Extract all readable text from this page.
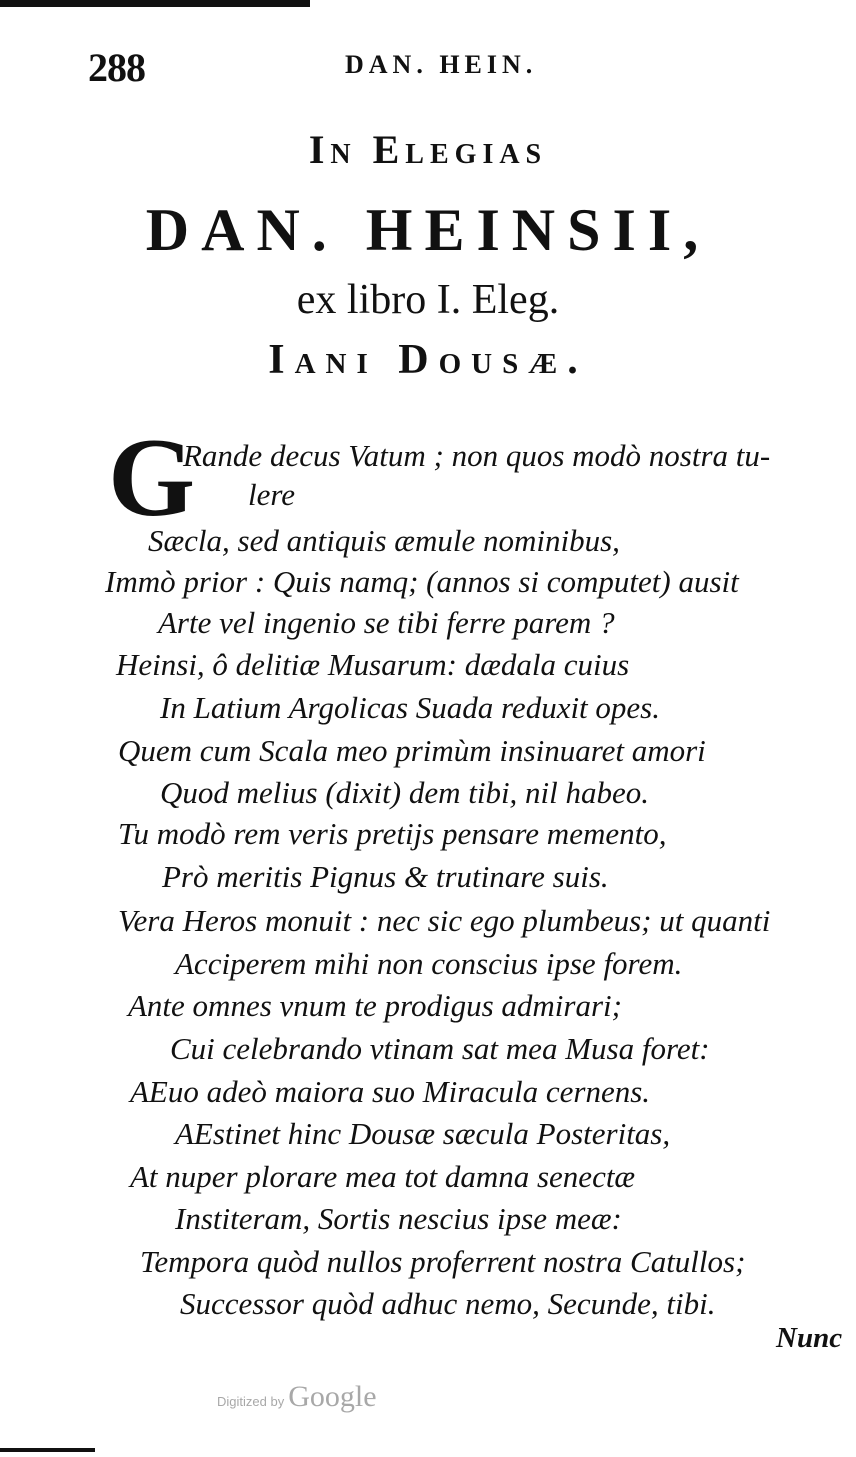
288	DAN. HEIN.
In Elegias
DAN. HEINSII,
ex libro I. Eleg.
Iani Dousæ.
G
Rande decus Vatum ; non quos modò nostra tu-
lere
Sæcla, sed antiquis æmule nominibus,
Immò prior : Quis namq; (annos si computet) ausit
Arte vel ingenio se tibi ferre parem ?
Heinsi, ô delitiæ Musarum: dædala cuius
In Latium Argolicas Suada reduxit opes.
Quem cum Scala meo primùm insinuaret amori
Quod melius (dixit) dem tibi, nil habeo.
Tu modò rem veris pretijs pensare memento,
Prò meritis Pignus & trutinare suis.
Vera Heros monuit : nec sic ego plumbeus; ut quanti
Acciperem mihi non conscius ipse forem.
Ante omnes vnum te prodigus admirari;
Cui celebrando vtinam sat mea Musa foret:
AEuo adeò maiora suo Miracula cernens.
AEstinet hinc Dousæ sæcula Posteritas,
At nuper plorare mea tot damna senectæ
Institeram, Sortis nescius ipse meæ:
Tempora quòd nullos proferrent nostra Catullos;
Successor quòd adhuc nemo, Secunde, tibi.
Nunc
Digitized by Google
